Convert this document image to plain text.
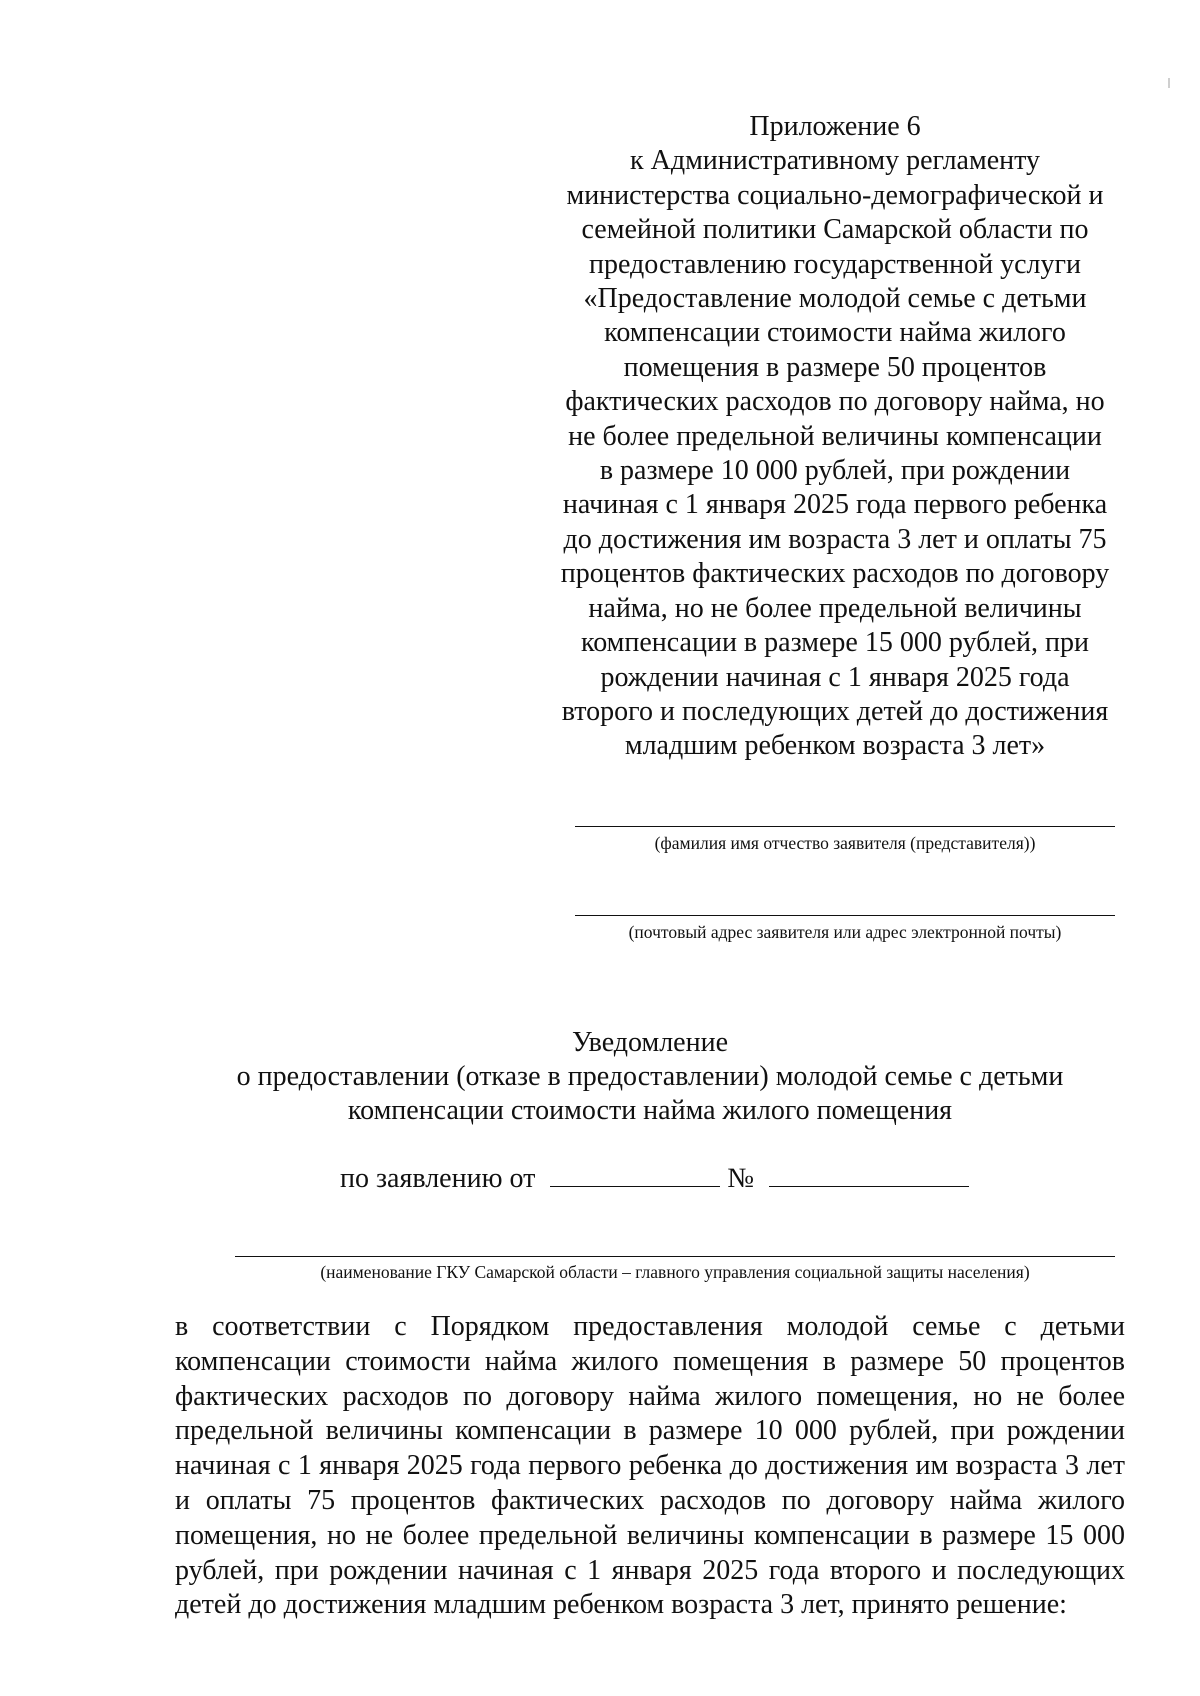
Приложение 6
к Административному регламенту
министерства социально-демографической и
семейной политики Самарской области по
предоставлению государственной услуги
«Предоставление молодой семье с детьми
компенсации стоимости найма жилого
помещения в размере 50 процентов
фактических расходов по договору найма, но
не более предельной величины компенсации
в размере 10 000 рублей, при рождении
начиная с 1 января 2025 года первого ребенка
до достижения им возраста 3 лет и оплаты 75
процентов фактических расходов по договору
найма, но не более предельной величины
компенсации в размере 15 000 рублей, при
рождении начиная с 1 января 2025 года
второго и последующих детей до достижения
младшим ребенком возраста 3 лет»
(фамилия имя отчество заявителя (представителя))
(почтовый адрес заявителя или адрес электронной почты)
Уведомление
о предоставлении (отказе в предоставлении) молодой семье с детьми
компенсации стоимости найма жилого помещения
по заявлению от	№
(наименование ГКУ Самарской области – главного управления социальной защиты населения)
в соответствии с Порядком предоставления молодой семье с детьми
компенсации стоимости найма жилого помещения в размере 50 процентов
фактических расходов по договору найма жилого помещения, но не более
предельной величины компенсации в размере 10 000 рублей, при рождении
начиная с 1 января 2025 года первого ребенка до достижения им возраста 3 лет
и оплаты 75 процентов фактических расходов по договору найма жилого
помещения, но не более предельной величины компенсации в размере 15 000
рублей, при рождении начиная с 1 января 2025 года второго и последующих
детей до достижения младшим ребенком возраста 3 лет, принято решение:
